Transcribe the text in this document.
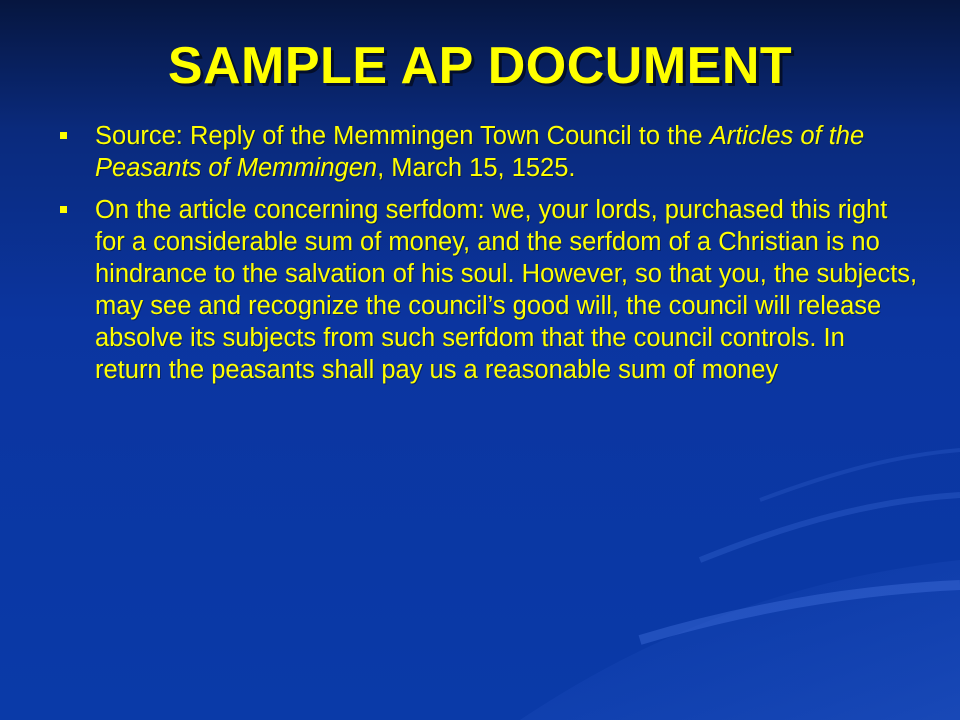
SAMPLE AP DOCUMENT
Source: Reply of the Memmingen Town Council to the Articles of the Peasants of Memmingen, March 15, 1525.
On the article concerning serfdom: we, your lords, purchased this right for a considerable sum of money, and the serfdom of a Christian is no hindrance to the salvation of his soul. However, so that you, the subjects, may see and recognize the council’s good will, the council will release absolve its subjects from such serfdom that the council controls. In return the peasants shall pay us a reasonable sum of money
